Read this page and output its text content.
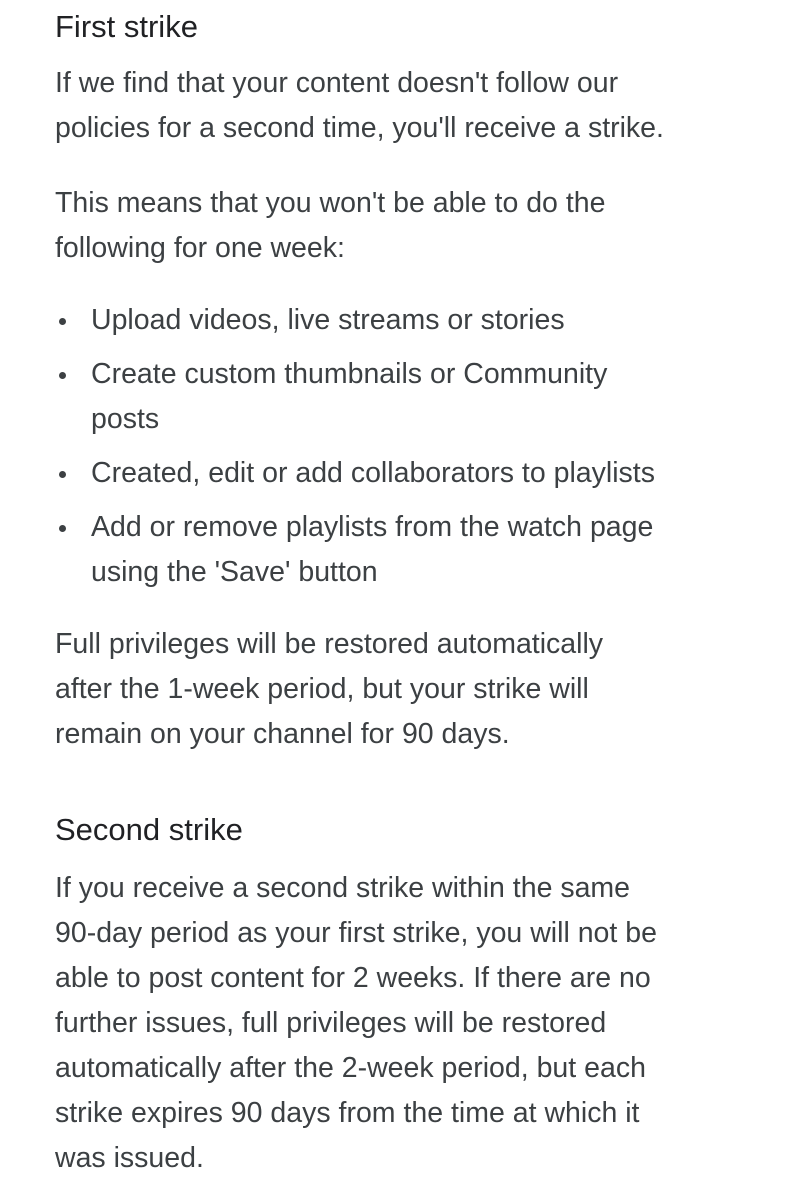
First strike

If we find that your content doesn't follow our
policies for a second time, you'll receive a strike.

This means that you won't be able to do the
following for one week:

Upload videos, live streams or stories
Create custom thumbnails or Community
posts
Created, edit or add collaborators to playlists
Add or remove playlists from the watch page
using the 'Save' button

Full privileges will be restored automatically
after the 1-week period, but your strike will
remain on your channel for 90 days.

Second strike

If you receive a second strike within the same
90-day period as your first strike, you will not be
able to post content for 2 weeks. If there are no
further issues, full privileges will be restored
automatically after the 2-week period, but each
strike expires 90 days from the time at which it
was issued.
